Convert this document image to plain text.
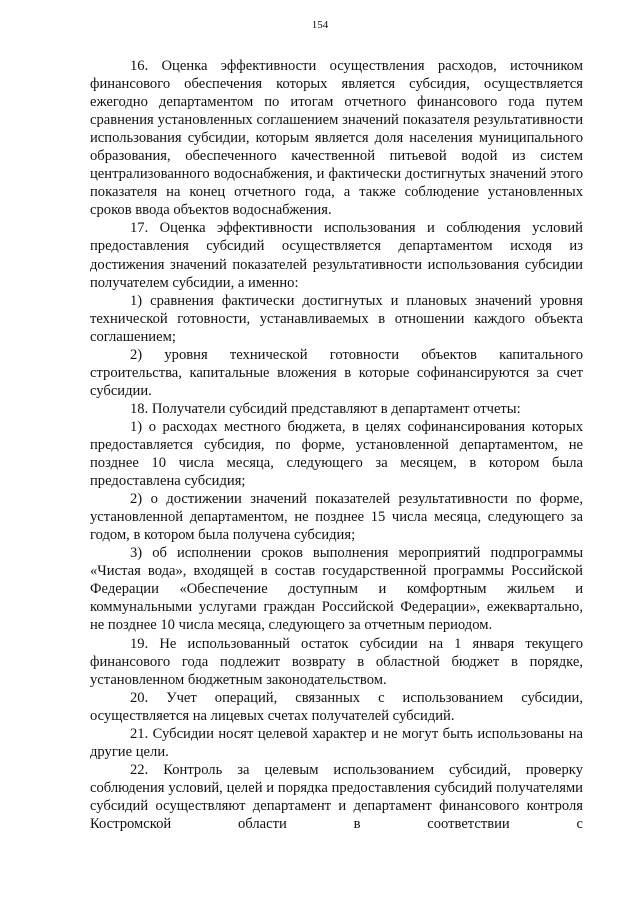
154

16. Оценка эффективности осуществления расходов, источником финансового обеспечения которых является субсидия, осуществляется ежегодно департаментом по итогам отчетного финансового года путем сравнения установленных соглашением значений показателя результативности использования субсидии, которым является доля населения муниципального образования, обеспеченного качественной питьевой водой из систем централизованного водоснабжения, и фактически достигнутых значений этого показателя на конец отчетного года, а также соблюдение установленных сроков ввода объектов водоснабжения.

17. Оценка эффективности использования и соблюдения условий предоставления субсидий осуществляется департаментом исходя из достижения значений показателей результативности использования субсидии получателем субсидии, а именно:

1) сравнения фактически достигнутых и плановых значений уровня технической готовности, устанавливаемых в отношении каждого объекта соглашением;

2) уровня технической готовности объектов капитального строительства, капитальные вложения в которые софинансируются за счет субсидии.

18. Получатели субсидий представляют в департамент отчеты:

1) о расходах местного бюджета, в целях софинансирования которых предоставляется субсидия, по форме, установленной департаментом, не позднее 10 числа месяца, следующего за месяцем, в котором была предоставлена субсидия;

2) о достижении значений показателей результативности по форме, установленной департаментом, не позднее 15 числа месяца, следующего за годом, в котором была получена субсидия;

3) об исполнении сроков выполнения мероприятий подпрограммы «Чистая вода», входящей в состав государственной программы Российской Федерации «Обеспечение доступным и комфортным жильем и коммунальными услугами граждан Российской Федерации», ежеквартально, не позднее 10 числа месяца, следующего за отчетным периодом.

19. Не использованный остаток субсидии на 1 января текущего финансового года подлежит возврату в областной бюджет в порядке, установленном бюджетным законодательством.

20. Учет операций, связанных с использованием субсидии, осуществляется на лицевых счетах получателей субсидий.

21. Субсидии носят целевой характер и не могут быть использованы на другие цели.

22. Контроль за целевым использованием субсидий, проверку соблюдения условий, целей и порядка предоставления субсидий получателями субсидий осуществляют департамент и департамент финансового контроля Костромской области в соответствии с
